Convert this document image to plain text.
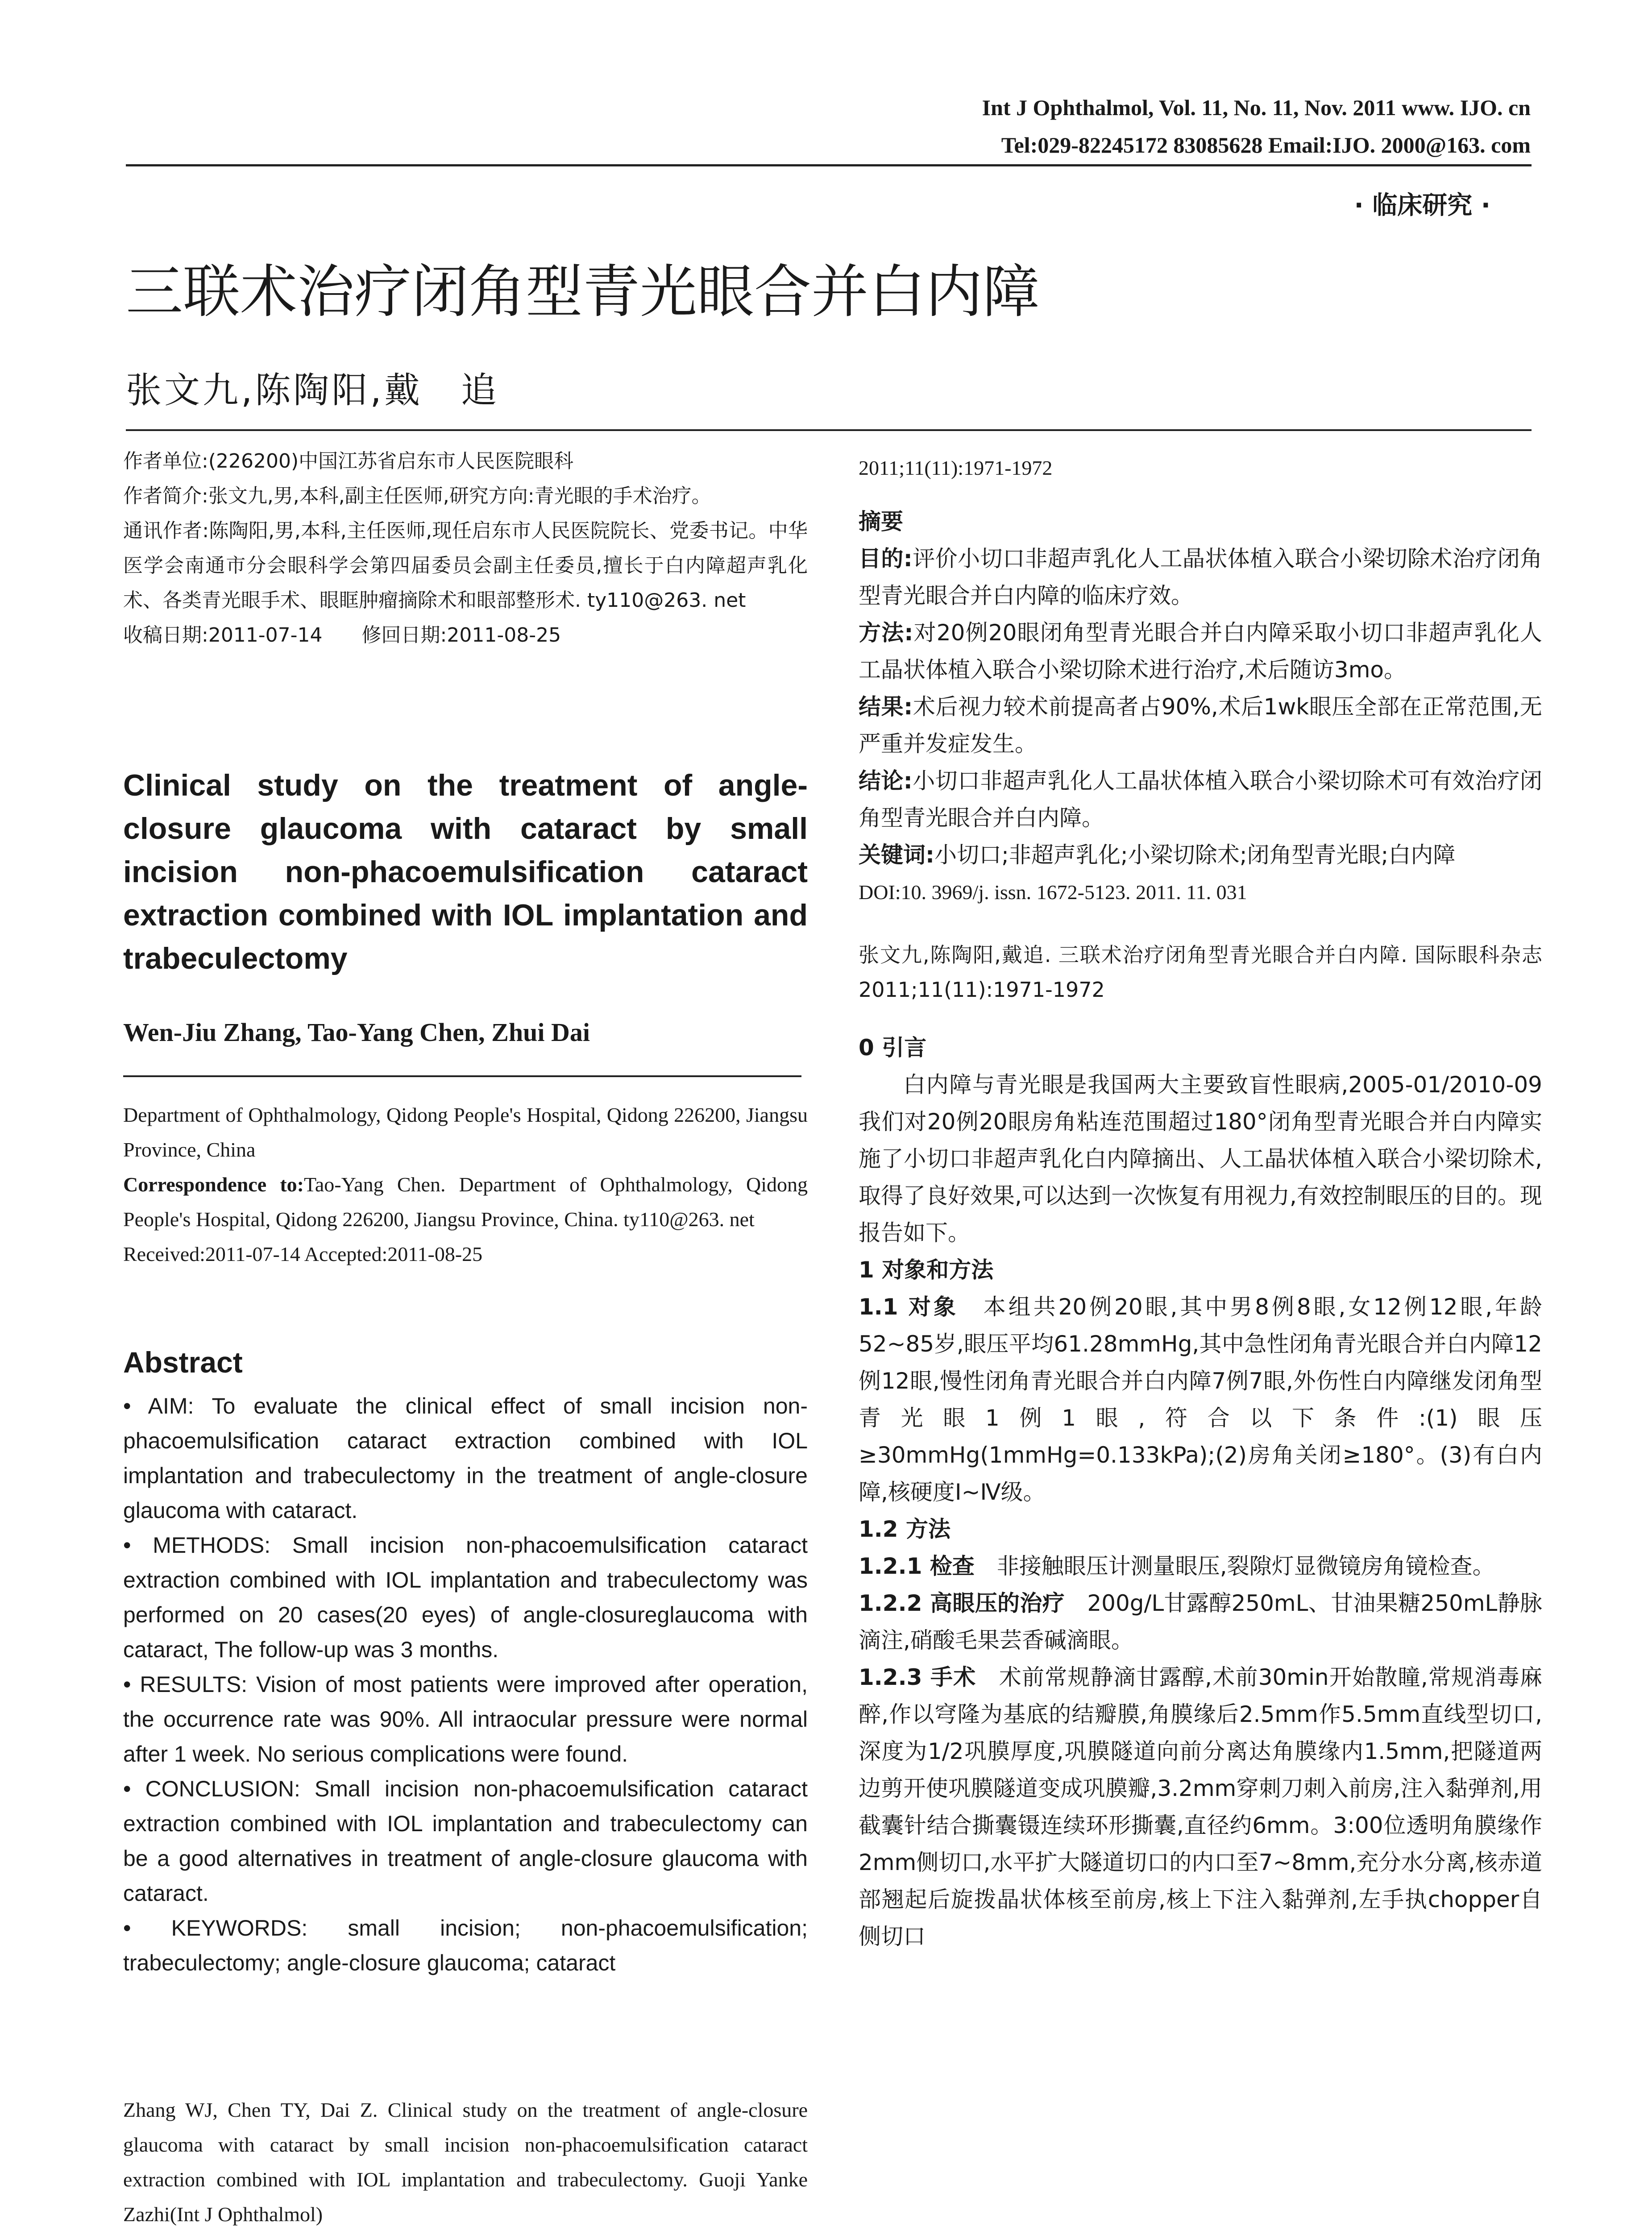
Int J Ophthalmol, Vol. 11, No. 11, Nov. 2011 www. IJO. cn
Tel:029-82245172 83085628 Email:IJO. 2000@163. com
· 临床研究 ·
三联术治疗闭角型青光眼合并白内障
张文九,陈陶阳,戴　追

作者单位:(226200)中国江苏省启东市人民医院眼科

作者简介:张文九,男,本科,副主任医师,研究方向:青光眼的手术治疗。

通讯作者:陈陶阳,男,本科,主任医师,现任启东市人民医院院长、党委书记。中华医学会南通市分会眼科学会第四届委员会副主任委员,擅长于白内障超声乳化术、各类青光眼手术、眼眶肿瘤摘除术和眼部整形术. ty110@263. net

收稿日期:2011-07-14　　修回日期:2011-08-25

Clinical study on the treatment of angle-closure glaucoma with cataract by small incision non-phacoemulsification cataract extraction combined with IOL implantation and trabeculectomy
Wen-Jiu Zhang, Tao-Yang Chen, Zhui Dai

Department of Ophthalmology, Qidong People's Hospital, Qidong 226200, Jiangsu Province, China

Correspondence to:Tao-Yang Chen. Department of Ophthalmology, Qidong People's Hospital, Qidong 226200, Jiangsu Province, China. ty110@263. net

Received:2011-07-14 Accepted:2011-08-25

Abstract

• AIM: To evaluate the clinical effect of small incision non-phacoemulsification cataract extraction combined with IOL implantation and trabeculectomy in the treatment of angle-closure glaucoma with cataract.

• METHODS: Small incision non-phacoemulsification cataract extraction combined with IOL implantation and trabeculectomy was performed on 20 cases(20 eyes) of angle-closureglaucoma with cataract, The follow-up was 3 months.

• RESULTS: Vision of most patients were improved after operation, the occurrence rate was 90%. All intraocular pressure were normal after 1 week. No serious complications were found.

• CONCLUSION: Small incision non-phacoemulsification cataract extraction combined with IOL implantation and trabeculectomy can be a good alternatives in treatment of angle-closure glaucoma with cataract.

• KEYWORDS: small incision; non-phacoemulsification; trabeculectomy; angle-closure glaucoma; cataract

Zhang WJ, Chen TY, Dai Z. Clinical study on the treatment of angle-closure glaucoma with cataract by small incision non-phacoemulsification cataract extraction combined with IOL implantation and trabeculectomy. Guoji Yanke Zazhi(Int J Ophthalmol)

2011;11(11):1971-1972

摘要

目的:评价小切口非超声乳化人工晶状体植入联合小梁切除术治疗闭角型青光眼合并白内障的临床疗效。

方法:对20例20眼闭角型青光眼合并白内障采取小切口非超声乳化人工晶状体植入联合小梁切除术进行治疗,术后随访3mo。

结果:术后视力较术前提高者占90%,术后1wk眼压全部在正常范围,无严重并发症发生。

结论:小切口非超声乳化人工晶状体植入联合小梁切除术可有效治疗闭角型青光眼合并白内障。

关键词:小切口;非超声乳化;小梁切除术;闭角型青光眼;白内障

DOI:10. 3969/j. issn. 1672-5123. 2011. 11. 031

张文九,陈陶阳,戴追. 三联术治疗闭角型青光眼合并白内障. 国际眼科杂志 2011;11(11):1971-1972

0 引言

白内障与青光眼是我国两大主要致盲性眼病,2005-01/2010-09我们对20例20眼房角粘连范围超过180°闭角型青光眼合并白内障实施了小切口非超声乳化白内障摘出、人工晶状体植入联合小梁切除术,取得了良好效果,可以达到一次恢复有用视力,有效控制眼压的目的。现报告如下。

1 对象和方法

1.1 对象　 本组共20例20眼,其中男8例8眼,女12例12眼,年龄52~85岁,眼压平均61.28mmHg,其中急性闭角青光眼合并白内障12例12眼,慢性闭角青光眼合并白内障7例7眼,外伤性白内障继发闭角型青光眼1例1眼,符合以下条件:(1)眼压≥30mmHg(1mmHg=0.133kPa);(2)房角关闭≥180°。(3)有白内障,核硬度Ⅰ~Ⅳ级。

1.2 方法

1.2.1 检查　 非接触眼压计测量眼压,裂隙灯显微镜房角镜检查。

1.2.2 高眼压的治疗　 200g/L甘露醇250mL、甘油果糖250mL静脉滴注,硝酸毛果芸香碱滴眼。

1.2.3 手术　 术前常规静滴甘露醇,术前30min开始散瞳,常规消毒麻醉,作以穹隆为基底的结瓣膜,角膜缘后2.5mm作5.5mm直线型切口,深度为1/2巩膜厚度,巩膜隧道向前分离达角膜缘内1.5mm,把隧道两边剪开使巩膜隧道变成巩膜瓣,3.2mm穿刺刀刺入前房,注入黏弹剂,用截囊针结合撕囊镊连续环形撕囊,直径约6mm。3:00位透明角膜缘作2mm侧切口,水平扩大隧道切口的内口至7~8mm,充分水分离,核赤道部翘起后旋拨晶状体核至前房,核上下注入黏弹剂,左手执chopper自侧切口
